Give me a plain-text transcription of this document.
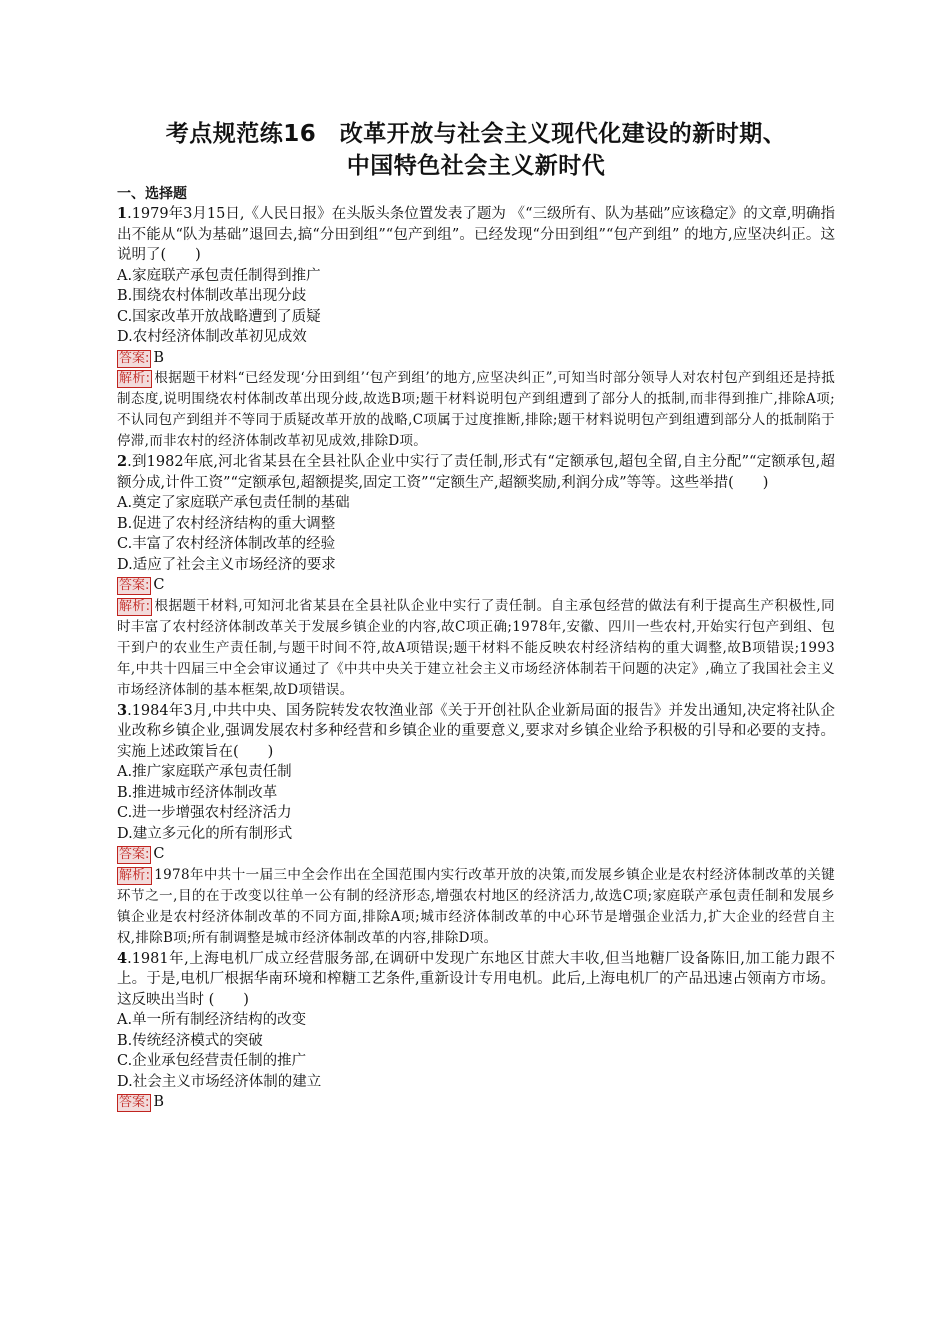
考点规范练16　改革开放与社会主义现代化建设的新时期、
中国特色社会主义新时代
一、选择题
1.1979年3月15日,《人民日报》在头版头条位置发表了题为 《“三级所有、队为基础”应该稳定》的文章,明确指出不能从“队为基础”退回去,搞“分田到组”“包产到组”。已经发现“分田到组”“包产到组” 的地方,应坚决纠正。这说明了(　　)
A.家庭联产承包责任制得到推广
B.围绕农村体制改革出现分歧
C.国家改革开放战略遭到了质疑
D.农村经济体制改革初见成效
答案: B
解析: 根据题干材料“已经发现‘分田到组’‘包产到组’的地方,应坚决纠正”,可知当时部分领导人对农村包产到组还是持抵制态度,说明围绕农村体制改革出现分歧,故选B项;题干材料说明包产到组遭到了部分人的抵制,而非得到推广,排除A项;不认同包产到组并不等同于质疑改革开放的战略,C项属于过度推断,排除;题干材料说明包产到组遭到部分人的抵制陷于停滞,而非农村的经济体制改革初见成效,排除D项。
2.到1982年底,河北省某县在全县社队企业中实行了责任制,形式有“定额承包,超包全留,自主分配”“定额承包,超额分成,计件工资”“定额承包,超额提奖,固定工资”“定额生产,超额奖励,利润分成”等等。这些举措(　　)
A.奠定了家庭联产承包责任制的基础
B.促进了农村经济结构的重大调整
C.丰富了农村经济体制改革的经验
D.适应了社会主义市场经济的要求
答案: C
解析: 根据题干材料,可知河北省某县在全县社队企业中实行了责任制。自主承包经营的做法有利于提高生产积极性,同时丰富了农村经济体制改革关于发展乡镇企业的内容,故C项正确;1978年,安徽、四川一些农村,开始实行包产到组、包干到户的农业生产责任制,与题干时间不符,故A项错误;题干材料不能反映农村经济结构的重大调整,故B项错误;1993年,中共十四届三中全会审议通过了《中共中央关于建立社会主义市场经济体制若干问题的决定》,确立了我国社会主义市场经济体制的基本框架,故D项错误。
3.1984年3月,中共中央、国务院转发农牧渔业部《关于开创社队企业新局面的报告》并发出通知,决定将社队企业改称乡镇企业,强调发展农村多种经营和乡镇企业的重要意义,要求对乡镇企业给予积极的引导和必要的支持。实施上述政策旨在(　　)
A.推广家庭联产承包责任制
B.推进城市经济体制改革
C.进一步增强农村经济活力
D.建立多元化的所有制形式
答案: C
解析: 1978年中共十一届三中全会作出在全国范围内实行改革开放的决策,而发展乡镇企业是农村经济体制改革的关键环节之一,目的在于改变以往单一公有制的经济形态,增强农村地区的经济活力,故选C项;家庭联产承包责任制和发展乡镇企业是农村经济体制改革的不同方面,排除A项;城市经济体制改革的中心环节是增强企业活力,扩大企业的经营自主权,排除B项;所有制调整是城市经济体制改革的内容,排除D项。
4.1981年,上海电机厂成立经营服务部,在调研中发现广东地区甘蔗大丰收,但当地糖厂设备陈旧,加工能力跟不上。于是,电机厂根据华南环境和榨糖工艺条件,重新设计专用电机。此后,上海电机厂的产品迅速占领南方市场。这反映出当时 (　　)
A.单一所有制经济结构的改变
B.传统经济模式的突破
C.企业承包经营责任制的推广
D.社会主义市场经济体制的建立
答案: B
